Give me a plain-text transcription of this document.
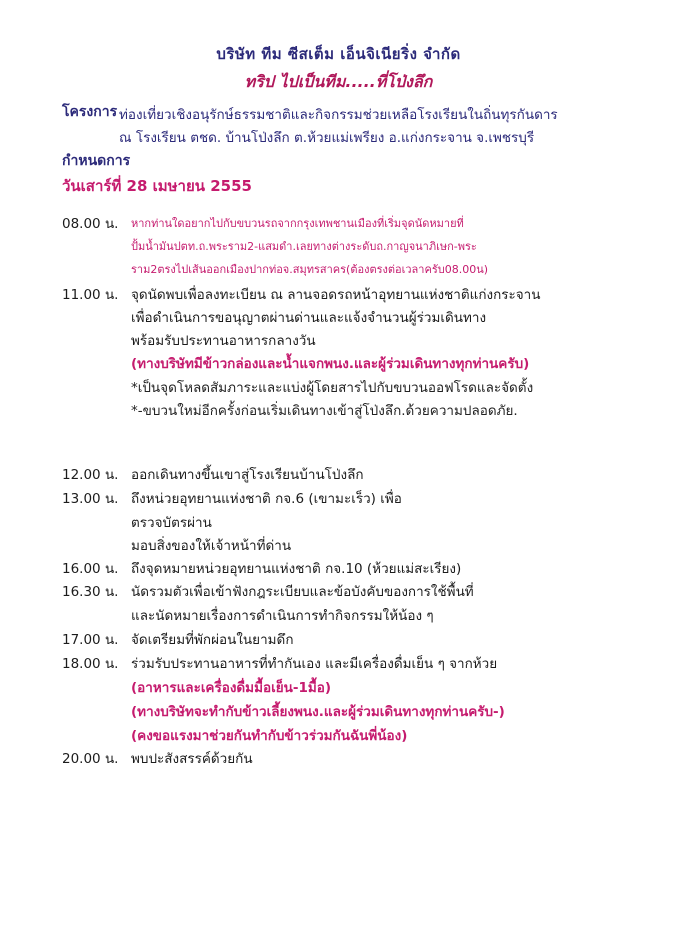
บริษัท ทีม ซีสเต็ม เอ็นจิเนียริ่ง จำกัด
ทริป ไปเป็นทีม.....ที่โป่งลึก
โครงการ ท่องเที่ยวเชิงอนุรักษ์ธรรมชาติและกิจกรรมช่วยเหลือโรงเรียนในถิ่นทุรกันดาร
ณ โรงเรียน ตชด. บ้านโป่งลึก ต.ห้วยแม่เพรียง อ.แก่งกระจาน จ.เพชรบุรี
กำหนดการ
วันเสาร์ที่ 28 เมษายน 2555
08.00 น.	หากท่านใดอยากไปกับขบวนรถจากกรุงเทพชานเมืองที่เริ่มจุดนัดหมายที่
ปั้มน้ำมันปตท.ถ.พระราม2-แสมดำ.เลยทางต่างระดับถ.กาญจนาภิเษก-พระ
ราม2ตรงไปเส้นออกเมืองปากท่อจ.สมุทรสาคร(ต้องตรงต่อเวลาครับ08.00น)
11.00 น. จุดนัดพบเพื่อลงทะเบียน ณ ลานจอดรถหน้าอุทยานแห่งชาติแก่งกระจาน
เพื่อดำเนินการขอนุญาตผ่านด่านและแจ้งจำนวนผู้ร่วมเดินทาง
พร้อมรับประทานอาหารกลางวัน
(ทางบริษัทมีข้าวกล่องและน้ำแจกพนง.และผู้ร่วมเดินทางทุกท่านครับ)
*เป็นจุดโหลดสัมภาระและแบ่งผู้โดยสารไปกับขบวนออฟโรดและจัดตั้ง
*-ขบวนใหม่อีกครั้งก่อนเริ่มเดินทางเข้าสู่โป่งลึก.ด้วยความปลอดภัย.
12.00 น. ออกเดินทางขึ้นเขาสู่โรงเรียนบ้านโป่งลึก
13.00 น. ถึงหน่วยอุทยานแห่งชาติ กจ.6 (เขามะเร็ว) เพื่อ
ตรวจบัตรผ่าน
มอบสิ่งของให้เจ้าหน้าที่ด่าน
16.00 น. ถึงจุดหมายหน่วยอุทยานแห่งชาติ กจ.10 (ห้วยแม่สะเรียง)
16.30 น. นัดรวมตัวเพื่อเข้าฟังกฎระเบียบและข้อบังคับของการใช้พื้นที่
และนัดหมายเรื่องการดำเนินการทำกิจกรรมให้น้อง ๆ
17.00 น. จัดเตรียมที่พักผ่อนในยามดึก
18.00 น. ร่วมรับประทานอาหารที่ทำกันเอง และมีเครื่องดื่มเย็น ๆ จากห้วย
(อาหารและเครื่องดื่มมื้อเย็น-1มื้อ)
(ทางบริษัทจะทำกับข้าวเลี้ยงพนง.และผู้ร่วมเดินทางทุกท่านครับ-)
(คงขอแรงมาช่วยกันทำกับข้าวร่วมกันฉันพี่น้อง)
20.00 น. พบปะสังสรรค์ด้วยกัน
